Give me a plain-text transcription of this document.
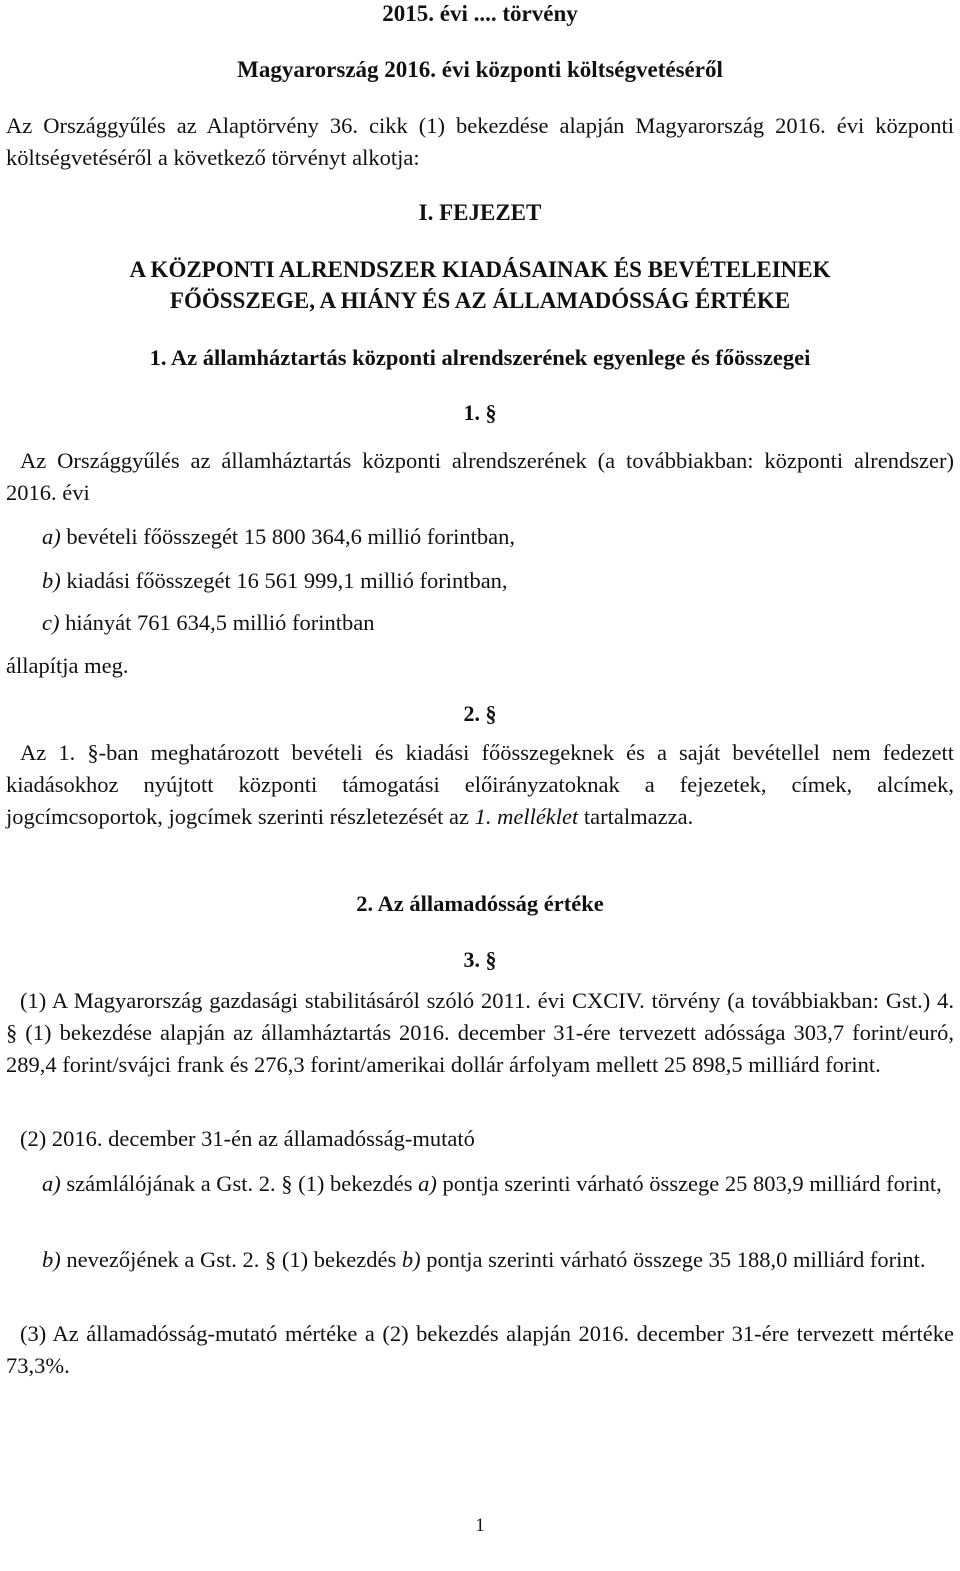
2015. évi .... törvény
Magyarország 2016. évi központi költségvetéséről
Az Országgyűlés az Alaptörvény 36. cikk (1) bekezdése alapján Magyarország 2016. évi központi költségvetéséről a következő törvényt alkotja:
I. FEJEZET
A KÖZPONTI ALRENDSZER KIADÁSAINAK ÉS BEVÉTELEINEK
FŐÖSSZEGE, A HIÁNY ÉS AZ ÁLLAMADÓSSÁG ÉRTÉKE
1. Az államháztartás központi alrendszerének egyenlege és főösszegei
1. §
Az Országgyűlés az államháztartás központi alrendszerének (a továbbiakban: központi alrendszer) 2016. évi
a) bevételi főösszegét 15 800 364,6 millió forintban,
b) kiadási főösszegét 16 561 999,1 millió forintban,
c) hiányát 761 634,5 millió forintban
állapítja meg.
2. §
Az 1. §-ban meghatározott bevételi és kiadási főösszegeknek és a saját bevétellel nem fedezett kiadásokhoz nyújtott központi támogatási előirányzatoknak a fejezetek, címek, alcímek, jogcímcsoportok, jogcímek szerinti részletezését az 1. melléklet tartalmazza.
2. Az államadósság értéke
3. §
(1) A Magyarország gazdasági stabilitásáról szóló 2011. évi CXCIV. törvény (a továbbiakban: Gst.) 4. § (1) bekezdése alapján az államháztartás 2016. december 31-ére tervezett adóssága 303,7 forint/euró, 289,4 forint/svájci frank és 276,3 forint/amerikai dollár árfolyam mellett 25 898,5 milliárd forint.
(2) 2016. december 31-én az államadósság-mutató
a) számlálójának a Gst. 2. § (1) bekezdés a) pontja szerinti várható összege 25 803,9 milliárd forint,
b) nevezőjének a Gst. 2. § (1) bekezdés b) pontja szerinti várható összege 35 188,0 milliárd forint.
(3) Az államadósság-mutató mértéke a (2) bekezdés alapján 2016. december 31-ére tervezett mértéke 73,3%.
1
